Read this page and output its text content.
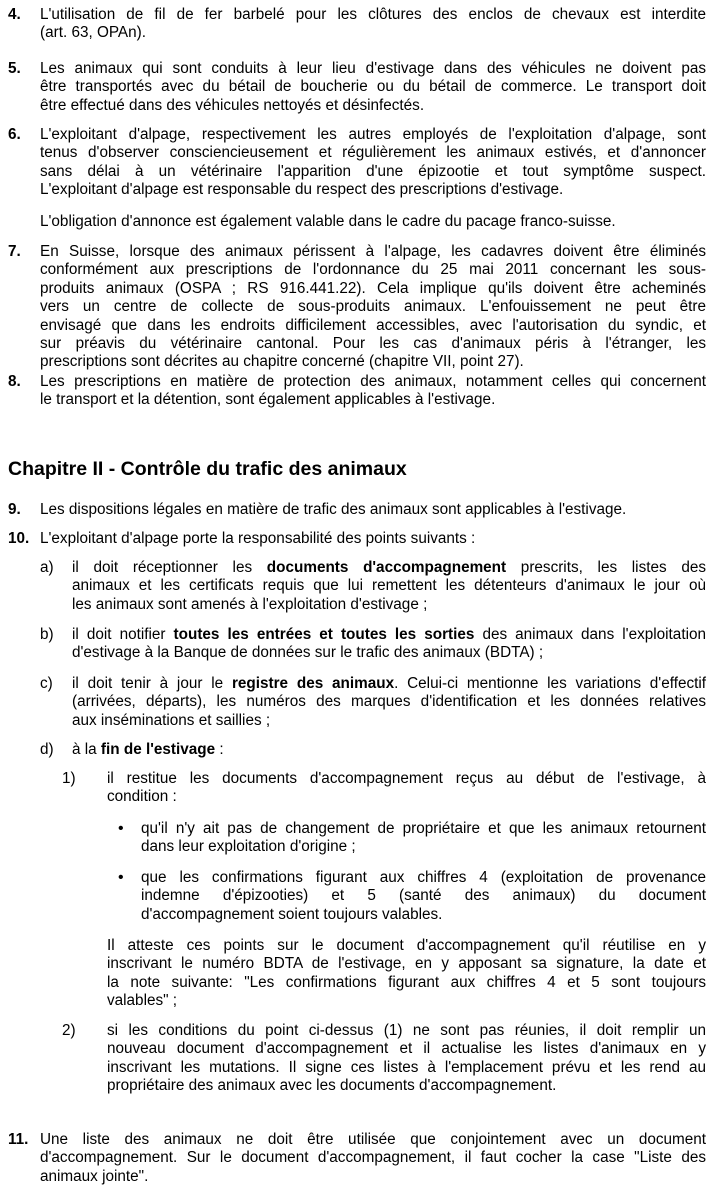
4. L'utilisation de fil de fer barbelé pour les clôtures des enclos de chevaux est interdite
(art. 63, OPAn).
5. Les animaux qui sont conduits à leur lieu d'estivage dans des véhicules ne doivent pas
être transportés avec du bétail de boucherie ou du bétail de commerce. Le transport doit
être effectué dans des véhicules nettoyés et désinfectés.
6. L'exploitant d'alpage, respectivement les autres employés de l'exploitation d'alpage, sont
tenus d'observer consciencieusement et régulièrement les animaux estivés, et d'annoncer
sans délai à un vétérinaire l'apparition d'une épizootie et tout symptôme suspect.
L'exploitant d'alpage est responsable du respect des prescriptions d'estivage.
L'obligation d'annonce est également valable dans le cadre du pacage franco-suisse.
7. En Suisse, lorsque des animaux périssent à l'alpage, les cadavres doivent être éliminés
conformément aux prescriptions de l'ordonnance du 25 mai 2011 concernant les sous-
produits animaux (OSPA ; RS 916.441.22). Cela implique qu'ils doivent être acheminés
vers un centre de collecte de sous-produits animaux. L'enfouissement ne peut être
envisagé que dans les endroits difficilement accessibles, avec l'autorisation du syndic, et
sur préavis du vétérinaire cantonal. Pour les cas d'animaux péris à l'étranger, les
prescriptions sont décrites au chapitre concerné (chapitre VII, point 27).
8. Les prescriptions en matière de protection des animaux, notamment celles qui concernent
le transport et la détention, sont également applicables à l'estivage.
Chapitre II - Contrôle du trafic des animaux
9. Les dispositions légales en matière de trafic des animaux sont applicables à l'estivage.
10. L'exploitant d'alpage porte la responsabilité des points suivants :
a) il doit réceptionner les documents d'accompagnement prescrits, les listes des
animaux et les certificats requis que lui remettent les détenteurs d'animaux le jour où
les animaux sont amenés à l'exploitation d'estivage ;
b) il doit notifier toutes les entrées et toutes les sorties des animaux dans l'exploitation
d'estivage à la Banque de données sur le trafic des animaux (BDTA) ;
c) il doit tenir à jour le registre des animaux. Celui-ci mentionne les variations d'effectif
(arrivées, départs), les numéros des marques d'identification et les données relatives
aux inséminations et saillies ;
d) à la fin de l'estivage :
1) il restitue les documents d'accompagnement reçus au début de l'estivage, à
condition :
• qu'il n'y ait pas de changement de propriétaire et que les animaux retournent
dans leur exploitation d'origine ;
• que les confirmations figurant aux chiffres 4 (exploitation de provenance
indemne d'épizooties) et 5 (santé des animaux) du document
d'accompagnement soient toujours valables.
Il atteste ces points sur le document d'accompagnement qu'il réutilise en y
inscrivant le numéro BDTA de l'estivage, en y apposant sa signature, la date et
la note suivante: "Les confirmations figurant aux chiffres 4 et 5 sont toujours
valables" ;
2) si les conditions du point ci-dessus (1) ne sont pas réunies, il doit remplir un
nouveau document d'accompagnement et il actualise les listes d'animaux en y
inscrivant les mutations. Il signe ces listes à l'emplacement prévu et les rend au
propriétaire des animaux avec les documents d'accompagnement.
11. Une liste des animaux ne doit être utilisée que conjointement avec un document
d'accompagnement. Sur le document d'accompagnement, il faut cocher la case "Liste des
animaux jointe".
